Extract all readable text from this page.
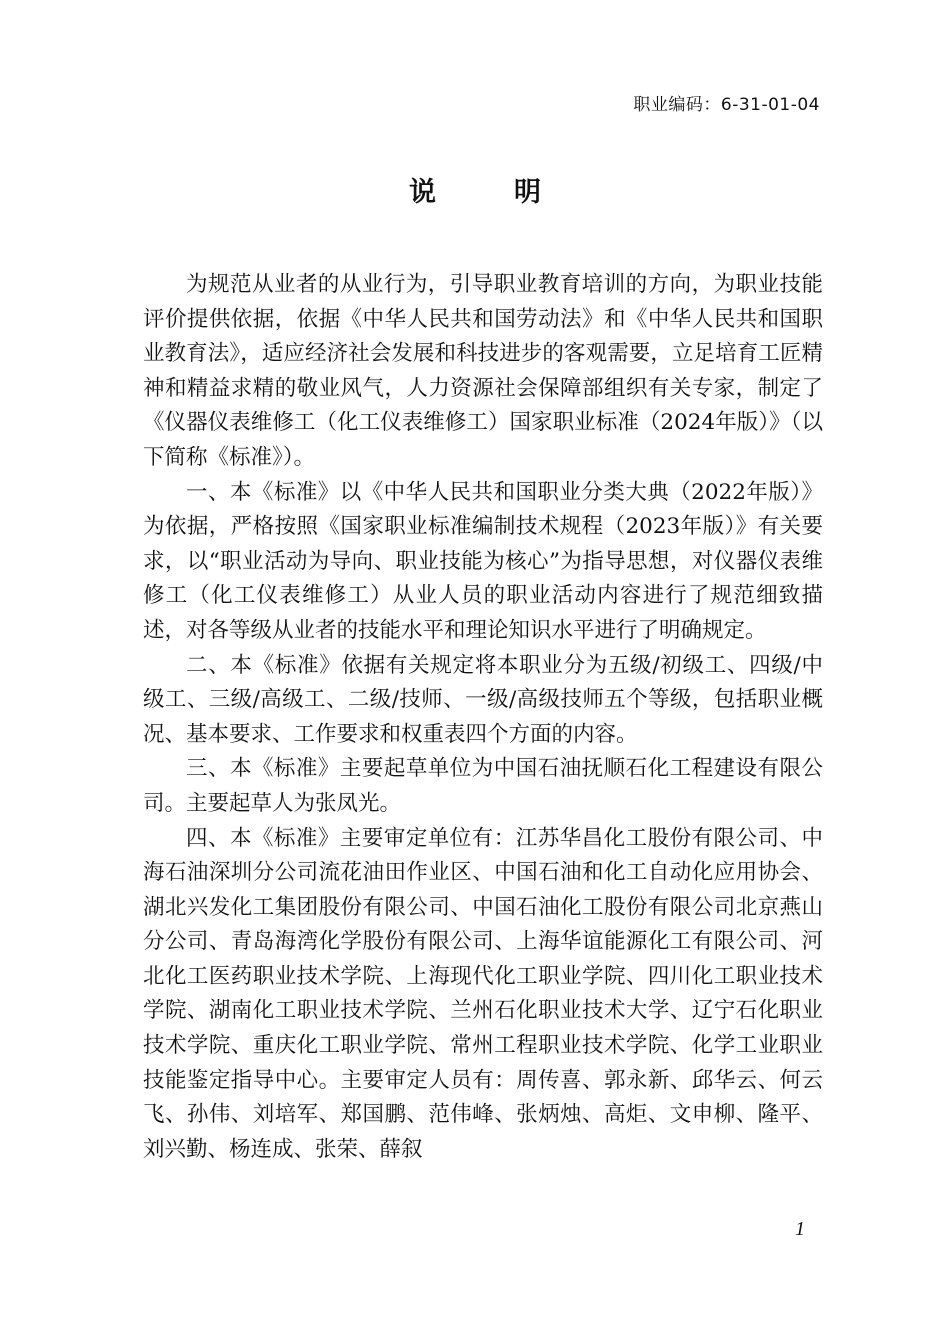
职业编码：6-31-01-04
说明

为规范从业者的从业行为，引导职业教育培训的方向，为职业技能评价提供依据，依据《中华人民共和国劳动法》和《中华人民共和国职业教育法》，适应经济社会发展和科技进步的客观需要，立足培育工匠精神和精益求精的敬业风气，人力资源社会保障部组织有关专家，制定了《仪器仪表维修工（化工仪表维修工）国家职业标准（2024年版）》（以下简称《标准》）。

一、本《标准》以《中华人民共和国职业分类大典（2022年版）》为依据，严格按照《国家职业标准编制技术规程（2023年版）》有关要求，以“职业活动为导向、职业技能为核心”为指导思想，对仪器仪表维修工（化工仪表维修工）从业人员的职业活动内容进行了规范细致描述，对各等级从业者的技能水平和理论知识水平进行了明确规定。

二、本《标准》依据有关规定将本职业分为五级/初级工、四级/中级工、三级/高级工、二级/技师、一级/高级技师五个等级，包括职业概况、基本要求、工作要求和权重表四个方面的内容。

三、本《标准》主要起草单位为中国石油抚顺石化工程建设有限公司。主要起草人为张凤光。

四、本《标准》主要审定单位有：江苏华昌化工股份有限公司、中海石油深圳分公司流花油田作业区、中国石油和化工自动化应用协会、湖北兴发化工集团股份有限公司、中国石油化工股份有限公司北京燕山分公司、青岛海湾化学股份有限公司、上海华谊能源化工有限公司、河北化工医药职业技术学院、上海现代化工职业学院、四川化工职业技术学院、湖南化工职业技术学院、兰州石化职业技术大学、辽宁石化职业技术学院、重庆化工职业学院、常州工程职业技术学院、化学工业职业技能鉴定指导中心。主要审定人员有：周传喜、郭永新、邱华云、何云飞、孙伟、刘培军、郑国鹏、范伟峰、张炳烛、高炬、文申柳、隆平、刘兴勤、杨连成、张荣、薛叙

1
